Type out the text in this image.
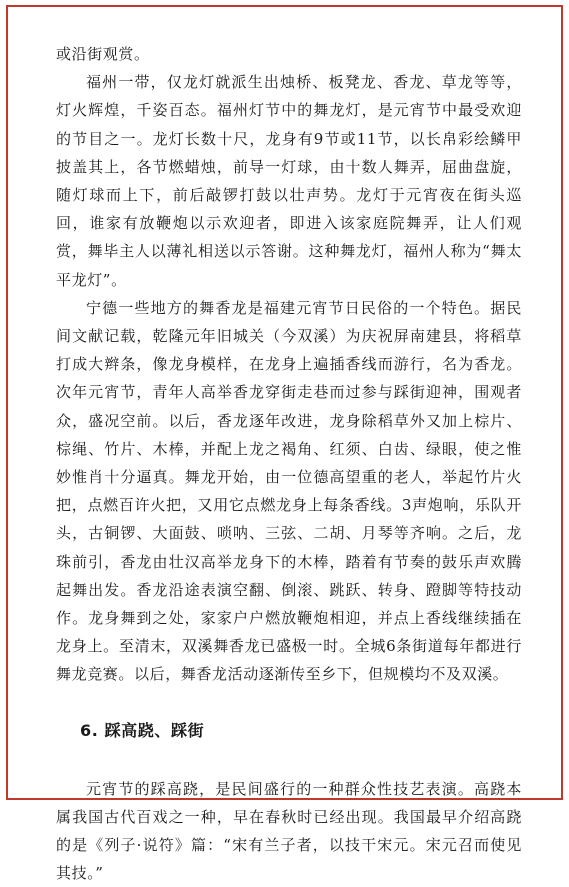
或沿街观赏。

福州一带，仅龙灯就派生出烛桥、板凳龙、香龙、草龙等等，灯火辉煌，千姿百态。福州灯节中的舞龙灯，是元宵节中最受欢迎的节目之一。龙灯长数十尺，龙身有9节或11节，以长帛彩绘鳞甲披盖其上，各节燃蜡烛，前导一灯球，由十数人舞弄，屈曲盘旋，随灯球而上下，前后敲锣打鼓以壮声势。龙灯于元宵夜在街头巡回，谁家有放鞭炮以示欢迎者，即进入该家庭院舞弄，让人们观赏，舞毕主人以薄礼相送以示答谢。这种舞龙灯，福州人称为“舞太平龙灯”。

宁德一些地方的舞香龙是福建元宵节日民俗的一个特色。据民间文献记载，乾隆元年旧城关（今双溪）为庆祝屏南建县，将稻草打成大辫条，像龙身模样，在龙身上遍插香线而游行，名为香龙。次年元宵节，青年人高举香龙穿街走巷而过参与踩街迎神，围观者众，盛况空前。以后，香龙逐年改进，龙身除稻草外又加上棕片、棕绳、竹片、木棒，并配上龙之褐角、红须、白齿、绿眼，使之惟妙惟肖十分逼真。舞龙开始，由一位德高望重的老人，举起竹片火把，点燃百许火把，又用它点燃龙身上每条香线。3声炮响，乐队开头，古铜锣、大面鼓、唢呐、三弦、二胡、月琴等齐响。之后，龙珠前引，香龙由壮汉高举龙身下的木棒，踏着有节奏的鼓乐声欢腾起舞出发。香龙沿途表演空翻、倒滚、跳跃、转身、蹬脚等特技动作。龙身舞到之处，家家户户燃放鞭炮相迎，并点上香线继续插在龙身上。至清末，双溪舞香龙已盛极一时。全城6条街道每年都进行舞龙竞赛。以后，舞香龙活动逐渐传至乡下，但规模均不及双溪。

6. 踩高跷、踩街

元宵节的踩高跷，是民间盛行的一种群众性技艺表演。高跷本属我国古代百戏之一种，早在春秋时已经出现。我国最早介绍高跷的是《列子·说符》篇：“宋有兰子者，以技干宋元。宋元召而使见其技。”
